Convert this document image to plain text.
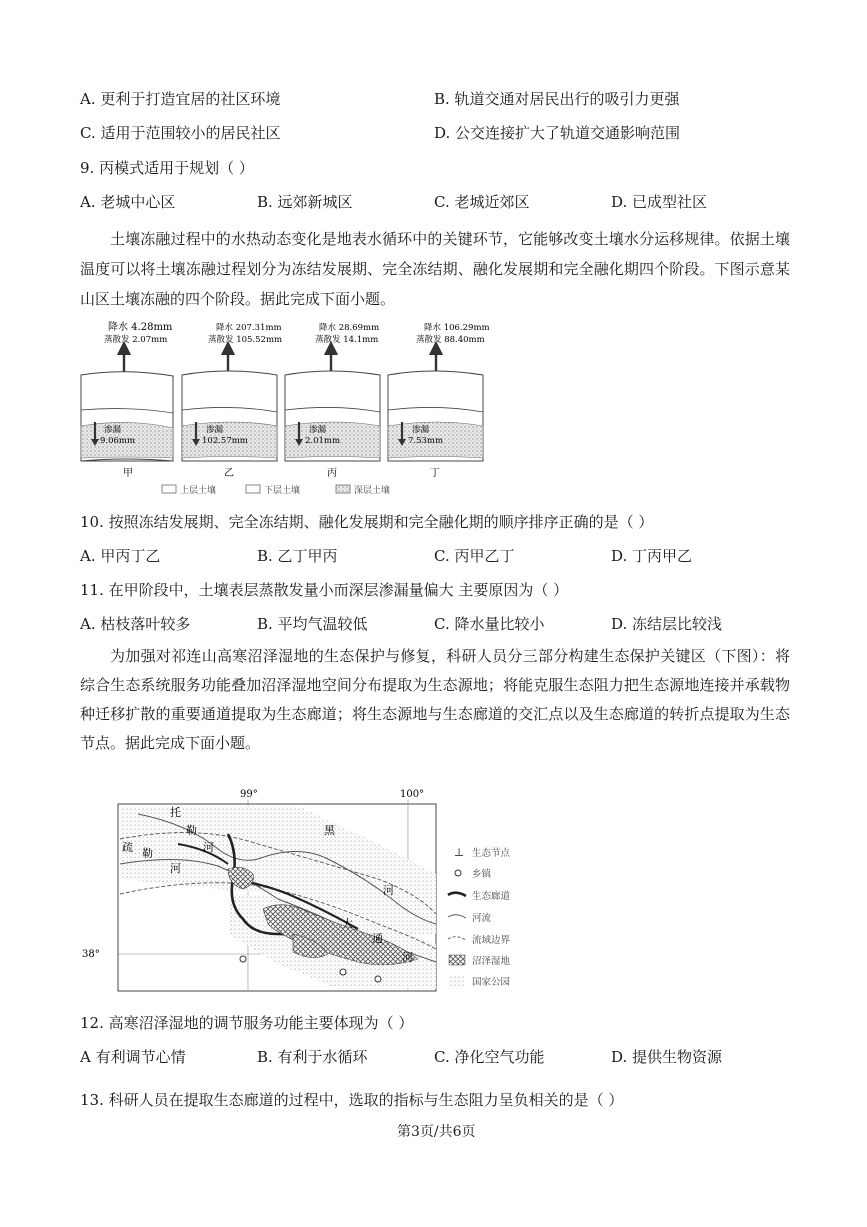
A. 更利于打造宜居的社区环境	B. 轨道交通对居民出行的吸引力更强
C. 适用于范围较小的居民社区	D. 公交连接扩大了轨道交通影响范围
9. 丙模式适用于规划（ ）
A. 老城中心区	B. 远郊新城区	C. 老城近郊区	D. 已成型社区
土壤冻融过程中的水热动态变化是地表水循环中的关键环节，它能够改变土壤水分运移规律。依据土壤温度可以将土壤冻融过程划分为冻结发展期、完全冻结期、融化发展期和完全融化期四个阶段。下图示意某山区土壤冻融的四个阶段。据此完成下面小题。
降水 4.28mm
蒸散发 2.07mm
渗漏
9.06mm
甲
降水 207.31mm
蒸散发 105.52mm
渗漏
102.57mm
乙
降水 28.69mm
蒸散发 14.1mm
渗漏
2.01mm
丙
降水 106.29mm
蒸散发 88.40mm
渗漏
7.53mm
丁
上层土壤	下层土壤	深层土壤
10. 按照冻结发展期、完全冻结期、融化发展期和完全融化期的顺序排序正确的是（ ）
A. 甲丙丁乙	B. 乙丁甲丙	C. 丙甲乙丁	D. 丁丙甲乙
11. 在甲阶段中，土壤表层蒸散发量小而深层渗漏量偏大 主要原因为（ ）
A. 枯枝落叶较多	B. 平均气温较低	C. 降水量比较小	D. 冻结层比较浅
为加强对祁连山高寒沼泽湿地的生态保护与修复，科研人员分三部分构建生态保护关键区（下图）：将综合生态系统服务功能叠加沼泽湿地空间分布提取为生态源地；将能克服生态阻力把生态源地连接并承载物种迁移扩散的重要通道提取为生态廊道；将生态源地与生态廊道的交汇点以及生态廊道的转折点提取为生态节点。据此完成下面小题。
99°	100°
38°
托
勒
河
疏 勒
河
黑
河
大
通
河
⊥ 生态节点
乡镇
生态廊道
河流
流域边界
沼泽湿地
国家公园
12. 高寒沼泽湿地的调节服务功能主要体现为（ ）
A 有利调节心情	B. 有利于水循环	C. 净化空气功能	D. 提供生物资源
13. 科研人员在提取生态廊道的过程中，选取的指标与生态阻力呈负相关的是（ ）
第3页/共6页
